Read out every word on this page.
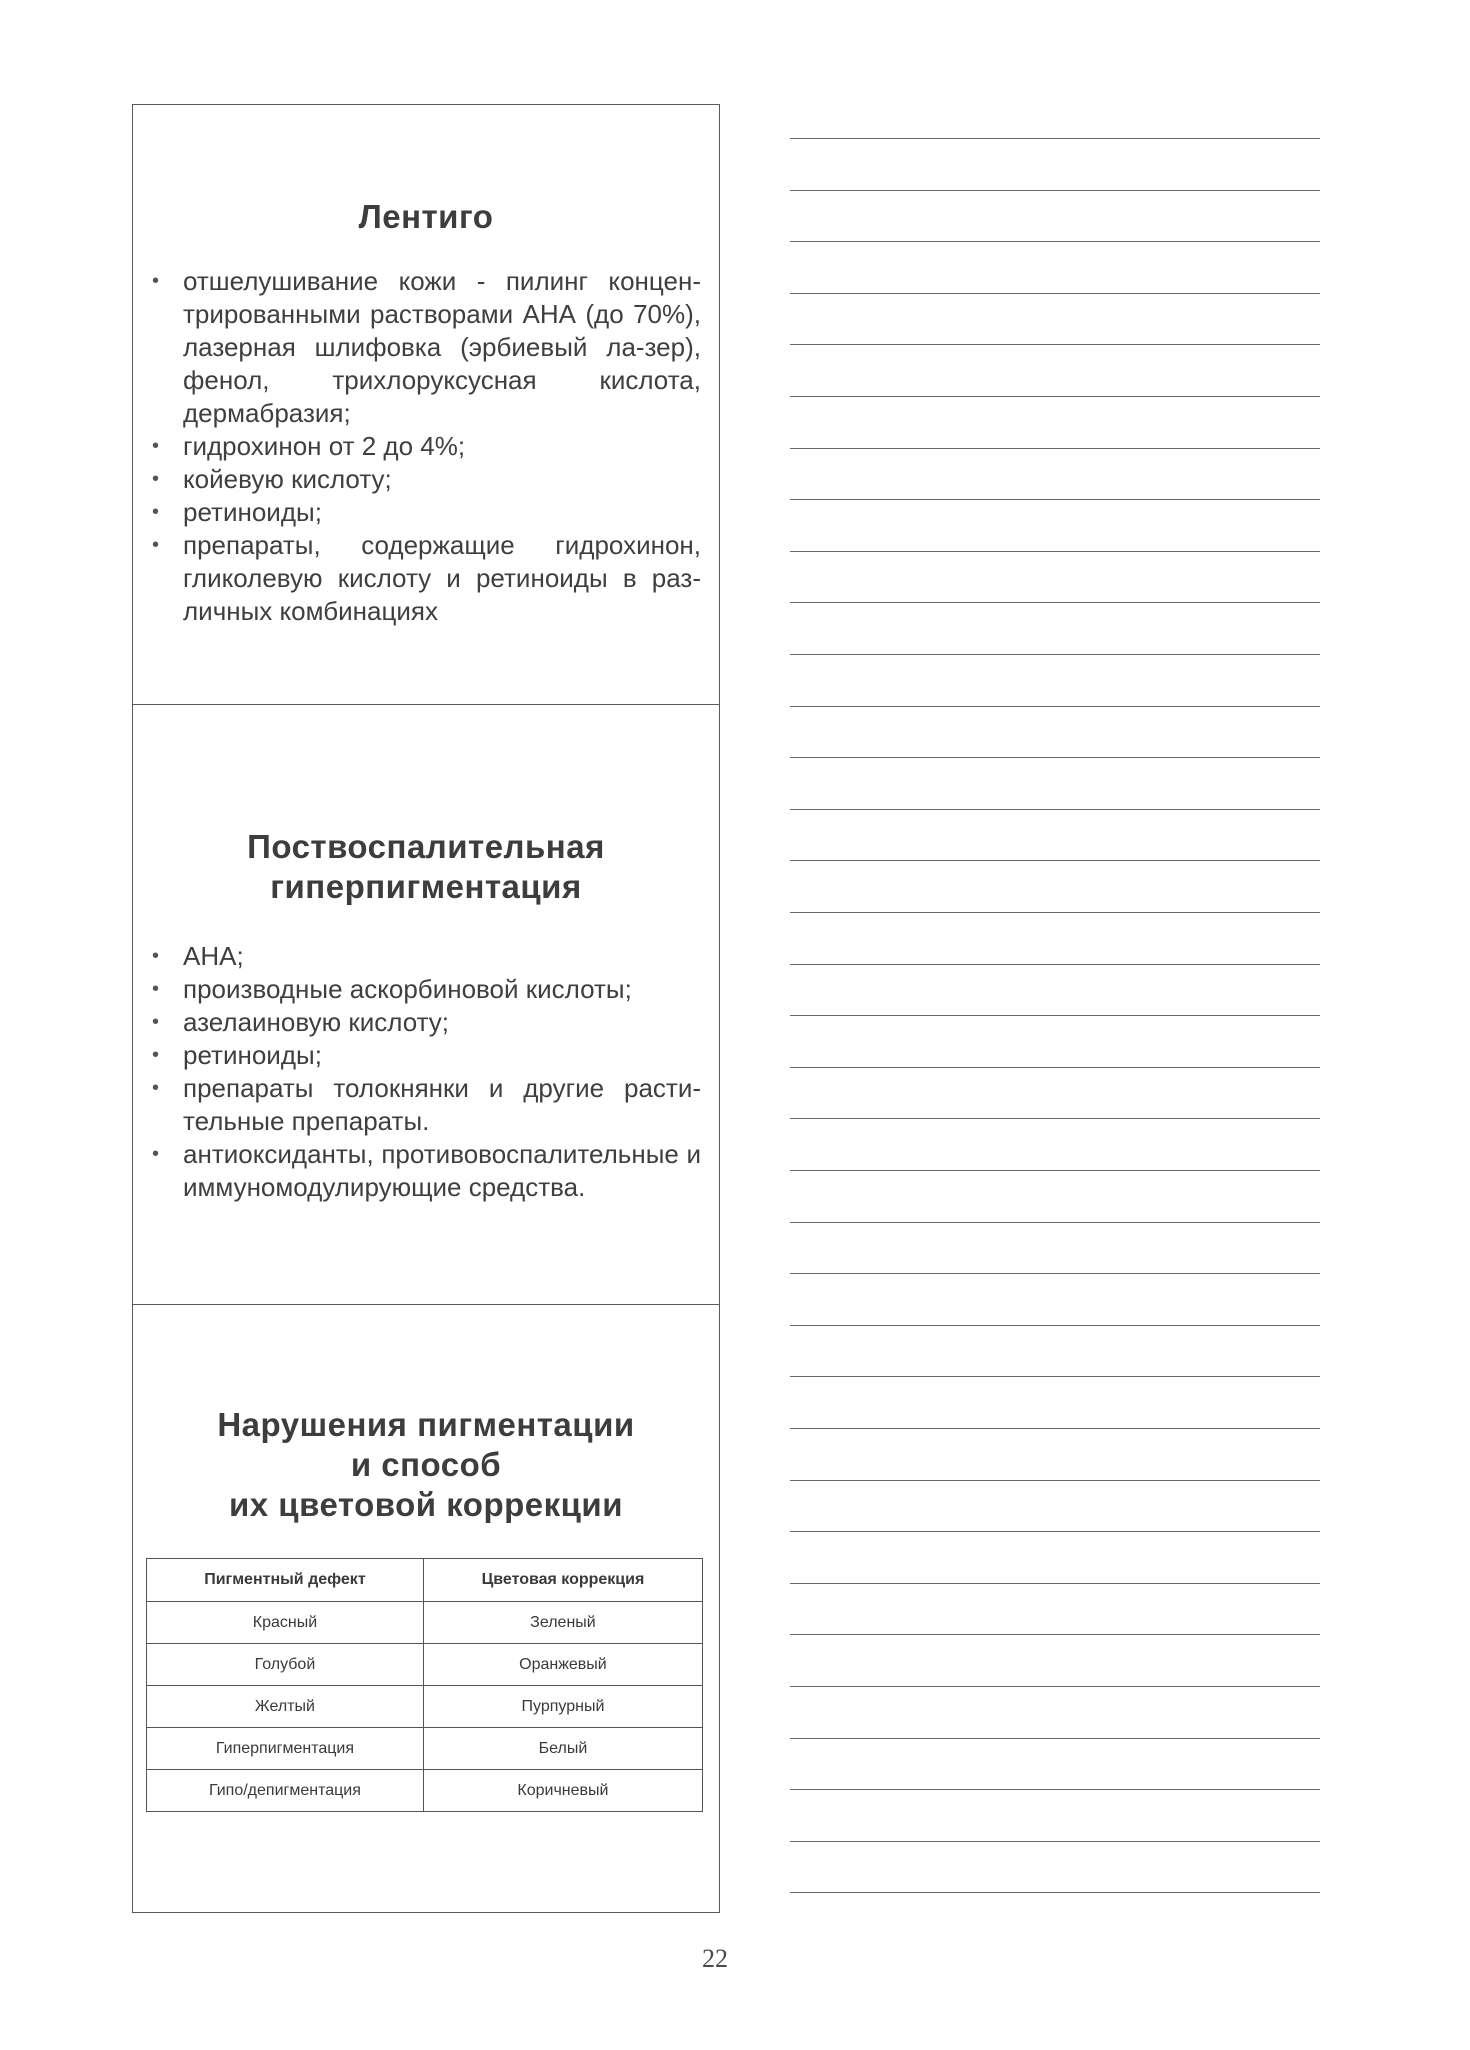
Лентиго
• отшелушивание кожи - пилинг концен-трированными растворами АНА (до 70%), лазерная шлифовка (эрбиевый ла-зер), фенол, трихлоруксусная кислота, дермабразия;
• гидрохинон от 2 до 4%;
• койевую кислоту;
• ретиноиды;
• препараты, содержащие гидрохинон, гликолевую кислоту и ретиноиды в раз-личных комбинациях
Поствоспалительная
гиперпигментация
• АНА;
• производные аскорбиновой кислоты;
• азелаиновую кислоту;
• ретиноиды;
• препараты толокнянки и другие расти-тельные препараты.
• антиоксиданты, противовоспалительные и иммуномодулирующие средства.
Нарушения пигментации
и способ
их цветовой коррекции
Пигментный дефект	Цветовая коррекция
Красный	Зеленый
Голубой	Оранжевый
Желтый	Пурпурный
Гиперпигментация	Белый
Гипо/депигментация	Коричневый
22
